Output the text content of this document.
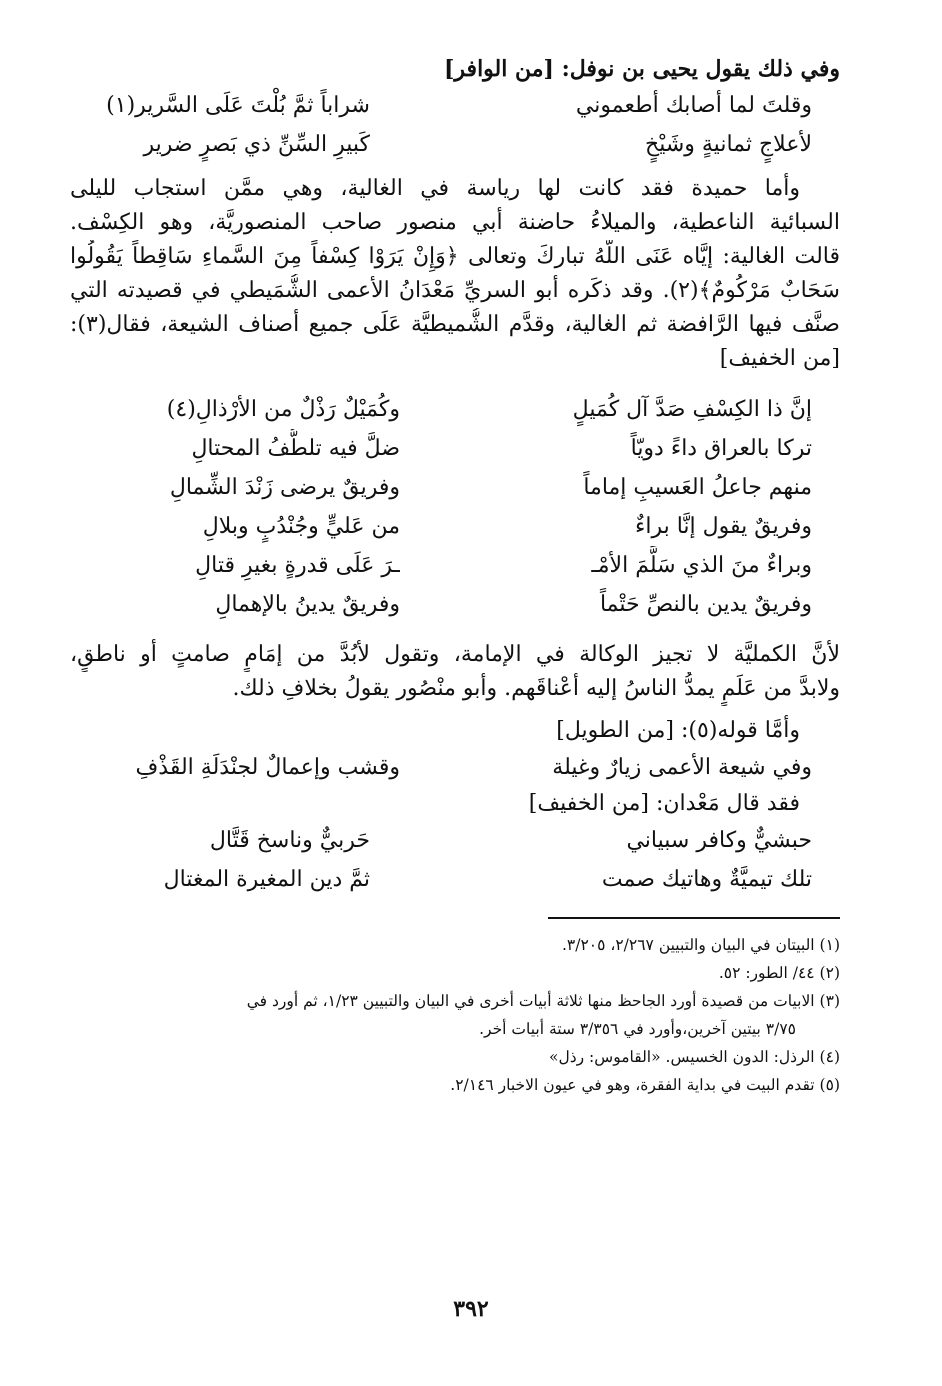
وفي ذلك يقول يحيى بن نوفل: [من الوافر]
وقلتَ لما أصابك أطعموني
شراباً ثمَّ بُلْتَ عَلَى السَّرير(١)
لأعلاجٍ ثمانيةٍ وشَيْخٍ
كَبيرِ السِّنِّ ذي بَصرٍ ضرير
وأما حميدة فقد كانت لها رياسة في الغالية، وهي ممَّن استجاب لليلى
السبائية الناعطية، والميلاءُ حاضنة أبي منصور صاحب المنصوريَّة، وهو الكِسْف.
قالت الغالية: إيَّاه عَنَى اللّهُ تباركَ وتعالى ﴿وَإِنْ يَرَوْا كِسْفاً مِنَ السَّماءِ سَاقِطاً يَقُولُوا
سَحَابٌ مَرْكُومٌ﴾(٢). وقد ذكَره أبو السريِّ مَعْدَانُ الأعمى الشُّمَيطي في قصيدته التي
صنَّف فيها الرَّافضة ثم الغالية، وقدَّم الشُّميطيَّة عَلَى جميع أصناف الشيعة، فقال(٣):
[من الخفيف]
إنَّ ذا الكِسْفِ صَدَّ آل كُمَيلٍ
وكُمَيْلٌ رَذْلٌ من الأرْذالِ(٤)
تركا بالعراق داءً دويّاً
ضلَّ فيه تلطُّفُ المحتالِ
منهم جاعلُ العَسيبِ إماماً
وفريقٌ يرضى زَنْدَ الشِّمالِ
وفريقٌ يقول إنَّا براءٌ
من عَليٍّ وجُنْدُبٍ وبلالِ
وبراءٌ منَ الذي سَلَّمَ الأمْـ
ـرَ عَلَى قدرةٍ بغيرِ قتالِ
وفريقٌ يدين بالنصِّ حَتْماً
وفريقٌ يدينُ بالإهمالِ
لأنَّ الكمليَّة لا تجيز الوكالة في الإمامة، وتقول لأبُدَّ من إمَامٍ صامتٍ أو ناطقٍ،
ولابدَّ من عَلَمٍ يمدُّ الناسُ إليه أعْناقَهم. وأبو منْصُور يقولُ بخلافِ ذلك.
وأمَّا قوله(٥): [من الطويل]
وفي شيعة الأعمى زيارٌ وغيلة
وقشب وإعمالٌ لجنْدَلَةِ القَذْفِ
فقد قال مَعْدان: [من الخفيف]
حبشيٌّ وكافر سبياني
حَربيٌّ وناسخ قَتَّال
تلك تيميَّةٌ وهاتيك صمت
ثمَّ دين المغيرة المغتال
(١) البيتان في البيان والتبيين ٢/٢٦٧، ٣/٢٠٥.
(٢) ٤٤/ الطور: ٥٢.
(٣) الابيات من قصيدة أورد الجاحظ منها ثلاثة أبيات أخرى في البيان والتبيين ١/٢٣، ثم أورد في
٣/٧٥ بيتين آخرين،وأورد في ٣/٣٥٦ ستة أبيات أخر.
(٤) الرذل: الدون الخسيس. «القاموس: رذل»
(٥) تقدم البيت في بداية الفقرة، وهو في عيون الاخبار ٢/١٤٦.
٣٩٢
